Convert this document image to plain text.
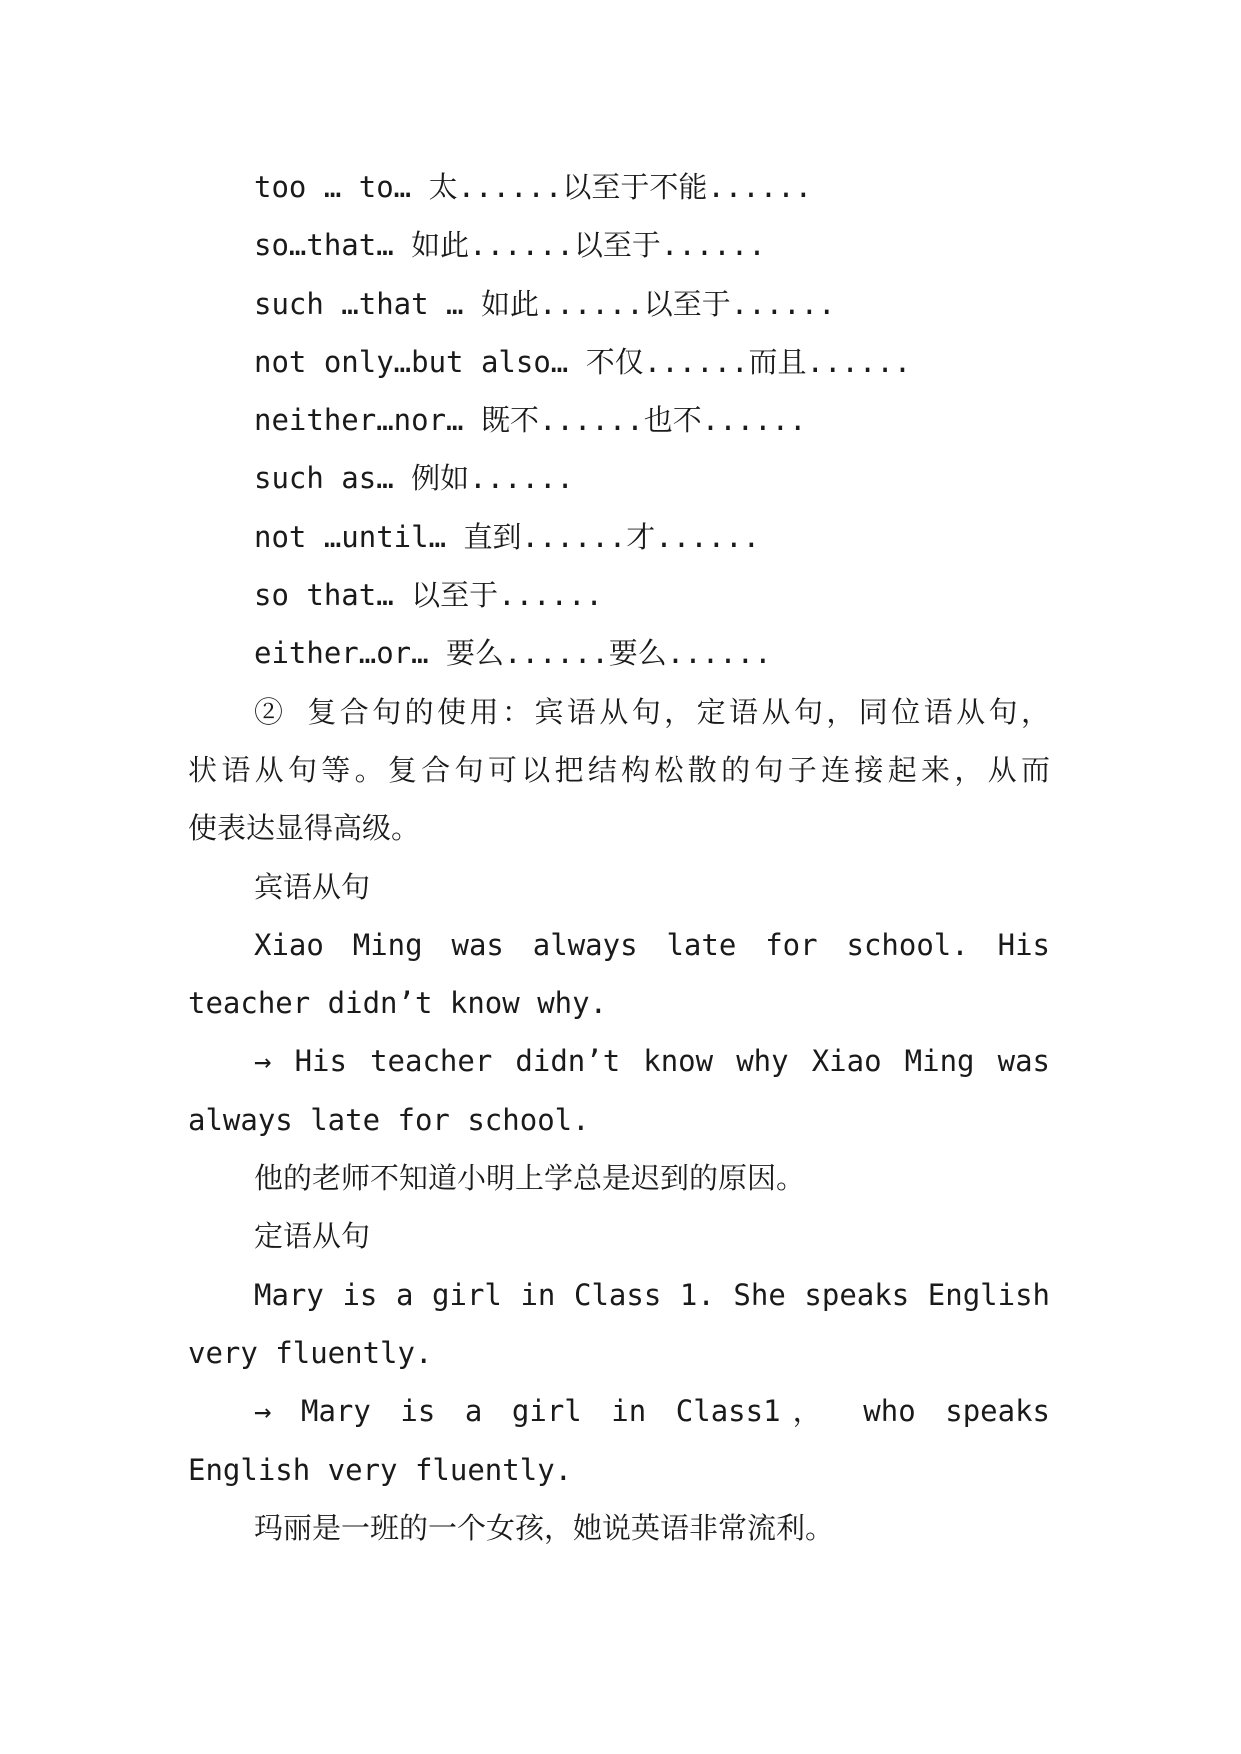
too … to… 太......以至于不能......
so…that… 如此......以至于......
such …that … 如此......以至于......
not only…but also… 不仅......而且......
neither…nor… 既不......也不......
such as… 例如......
not …until… 直到......才......
so that… 以至于......
either…or… 要么......要么......
② 复合句的使用：宾语从句，定语从句，同位语从句，
状语从句等。复合句可以把结构松散的句子连接起来，从而
使表达显得高级。
宾语从句
Xiao Ming was always late for school. His
teacher didn’t know why.
→ His teacher didn’t know why Xiao Ming was
always late for school.
他的老师不知道小明上学总是迟到的原因。
定语从句
Mary is a girl in Class 1. She speaks English
very fluently.
→ Mary is a girl in Class1， who speaks
English very fluently.
玛丽是一班的一个女孩，她说英语非常流利。
